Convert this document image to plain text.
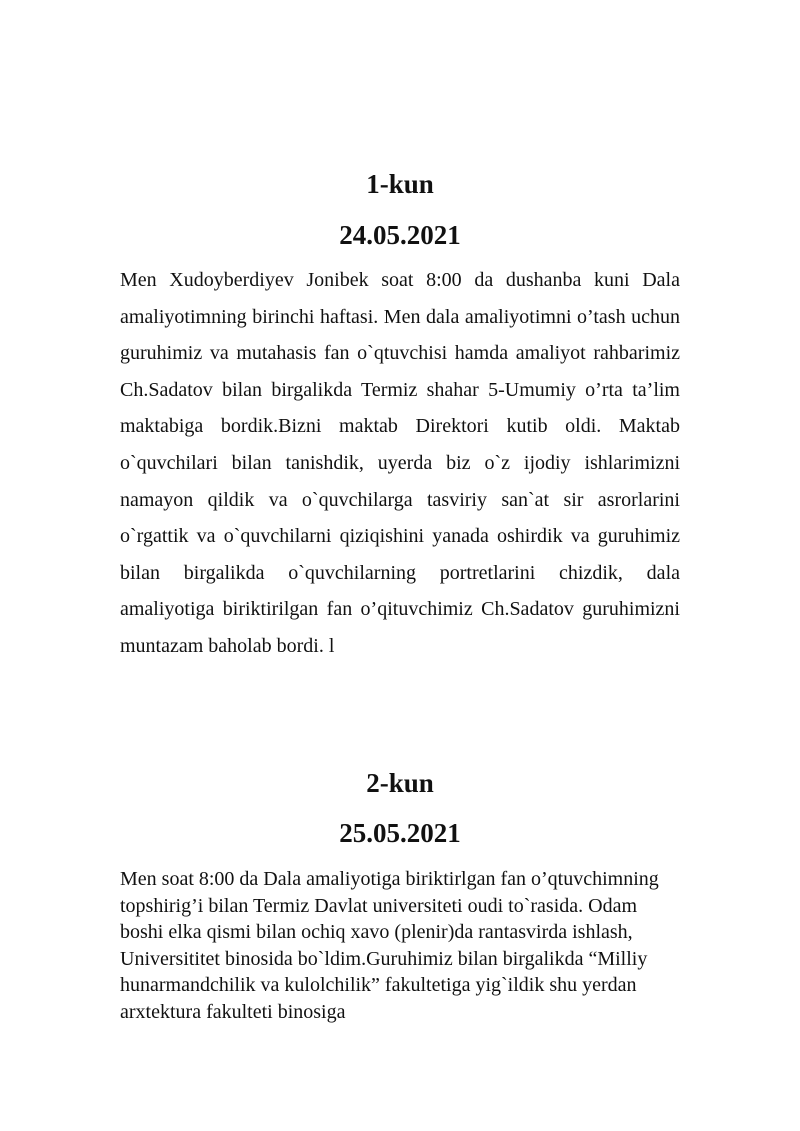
1-kun
24.05.2021

Men Xudoyberdiyev Jonibek soat 8:00 da dushanba kuni Dala amaliyotimning birinchi haftasi. Men dala amaliyotimni o’tash uchun guruhimiz va mutahasis fan o`qtuvchisi hamda amaliyot rahbarimiz Ch.Sadatov bilan birgalikda Termiz shahar 5-Umumiy o’rta ta’lim maktabiga bordik.Bizni maktab Direktori kutib oldi. Maktab o`quvchilari bilan tanishdik, uyerda biz o`z ijodiy ishlarimizni namayon qildik va o`quvchilarga tasviriy san`at sir asrorlarini o`rgattik va o`quvchilarni qiziqishini yanada oshirdik va guruhimiz bilan birgalikda o`quvchilarning portretlarini chizdik, dala amaliyotiga biriktirilgan fan o’qituvchimiz Ch.Sadatov guruhimizni muntazam baholab bordi. l

2-kun
25.05.2021

Men soat 8:00 da Dala amaliyotiga biriktirlgan fan o’qtuvchimning topshirig’i bilan Termiz Davlat universiteti oudi to`rasida. Odam boshi elka qismi bilan ochiq xavo (plenir)da rantasvirda ishlash, Universititet binosida bo`ldim.Guruhimiz bilan birgalikda “Milliy hunarmandchilik va kulolchilik” fakultetiga yig`ildik shu yerdan arxtektura fakulteti binosiga
